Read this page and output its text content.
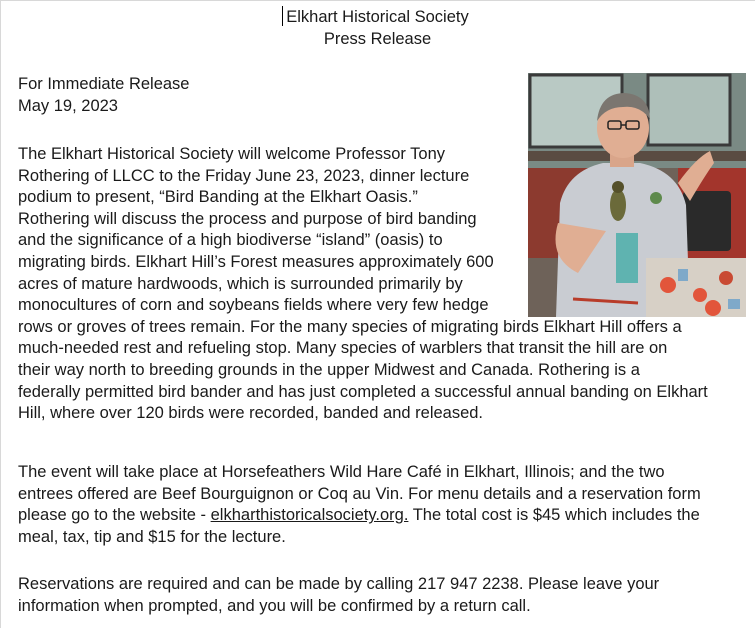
Elkhart Historical Society
Press Release
For Immediate Release
May 19, 2023
The Elkhart Historical Society will welcome Professor Tony
Rothering of LLCC to the Friday June 23, 2023, dinner lecture
podium to present, “Bird Banding at the Elkhart Oasis.”
Rothering will discuss the process and purpose of bird banding
and the significance of a high biodiverse “island” (oasis) to
migrating birds. Elkhart Hill’s Forest measures approximately 600
acres of mature hardwoods, which is surrounded primarily by
monocultures of corn and soybeans fields where very few hedge
rows or groves of trees remain. For the many species of migrating birds Elkhart Hill offers a
much-needed rest and refueling stop. Many species of warblers that transit the hill are on
their way north to breeding grounds in the upper Midwest and Canada. Rothering is a
federally permitted bird bander and has just completed a successful annual banding on Elkhart
Hill, where over 120 birds were recorded, banded and released.
The event will take place at Horsefeathers Wild Hare Café in Elkhart, Illinois; and the two
entrees offered are Beef Bourguignon or Coq au Vin. For menu details and a reservation form
please go to the website - elkharthistoricalsociety.org. The total cost is $45 which includes the
meal, tax, tip and $15 for the lecture.
Reservations are required and can be made by calling 217 947 2238. Please leave your
information when prompted, and you will be confirmed by a return call.
